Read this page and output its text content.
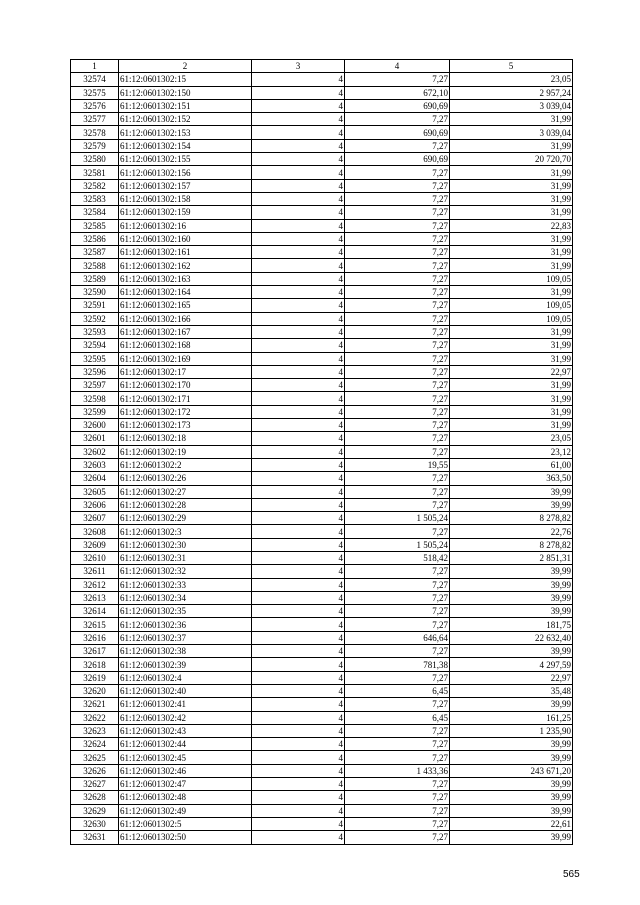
1	2	3	4	5
32574	61:12:0601302:15	4	7,27	23,05
32575	61:12:0601302:150	4	672,10	2 957,24
32576	61:12:0601302:151	4	690,69	3 039,04
32577	61:12:0601302:152	4	7,27	31,99
32578	61:12:0601302:153	4	690,69	3 039,04
32579	61:12:0601302:154	4	7,27	31,99
32580	61:12:0601302:155	4	690,69	20 720,70
32581	61:12:0601302:156	4	7,27	31,99
32582	61:12:0601302:157	4	7,27	31,99
32583	61:12:0601302:158	4	7,27	31,99
32584	61:12:0601302:159	4	7,27	31,99
32585	61:12:0601302:16	4	7,27	22,83
32586	61:12:0601302:160	4	7,27	31,99
32587	61:12:0601302:161	4	7,27	31,99
32588	61:12:0601302:162	4	7,27	31,99
32589	61:12:0601302:163	4	7,27	109,05
32590	61:12:0601302:164	4	7,27	31,99
32591	61:12:0601302:165	4	7,27	109,05
32592	61:12:0601302:166	4	7,27	109,05
32593	61:12:0601302:167	4	7,27	31,99
32594	61:12:0601302:168	4	7,27	31,99
32595	61:12:0601302:169	4	7,27	31,99
32596	61:12:0601302:17	4	7,27	22,97
32597	61:12:0601302:170	4	7,27	31,99
32598	61:12:0601302:171	4	7,27	31,99
32599	61:12:0601302:172	4	7,27	31,99
32600	61:12:0601302:173	4	7,27	31,99
32601	61:12:0601302:18	4	7,27	23,05
32602	61:12:0601302:19	4	7,27	23,12
32603	61:12:0601302:2	4	19,55	61,00
32604	61:12:0601302:26	4	7,27	363,50
32605	61:12:0601302:27	4	7,27	39,99
32606	61:12:0601302:28	4	7,27	39,99
32607	61:12:0601302:29	4	1 505,24	8 278,82
32608	61:12:0601302:3	4	7,27	22,76
32609	61:12:0601302:30	4	1 505,24	8 278,82
32610	61:12:0601302:31	4	518,42	2 851,31
32611	61:12:0601302:32	4	7,27	39,99
32612	61:12:0601302:33	4	7,27	39,99
32613	61:12:0601302:34	4	7,27	39,99
32614	61:12:0601302:35	4	7,27	39,99
32615	61:12:0601302:36	4	7,27	181,75
32616	61:12:0601302:37	4	646,64	22 632,40
32617	61:12:0601302:38	4	7,27	39,99
32618	61:12:0601302:39	4	781,38	4 297,59
32619	61:12:0601302:4	4	7,27	22,97
32620	61:12:0601302:40	4	6,45	35,48
32621	61:12:0601302:41	4	7,27	39,99
32622	61:12:0601302:42	4	6,45	161,25
32623	61:12:0601302:43	4	7,27	1 235,90
32624	61:12:0601302:44	4	7,27	39,99
32625	61:12:0601302:45	4	7,27	39,99
32626	61:12:0601302:46	4	1 433,36	243 671,20
32627	61:12:0601302:47	4	7,27	39,99
32628	61:12:0601302:48	4	7,27	39,99
32629	61:12:0601302:49	4	7,27	39,99
32630	61:12:0601302:5	4	7,27	22,61
32631	61:12:0601302:50	4	7,27	39,99
565
